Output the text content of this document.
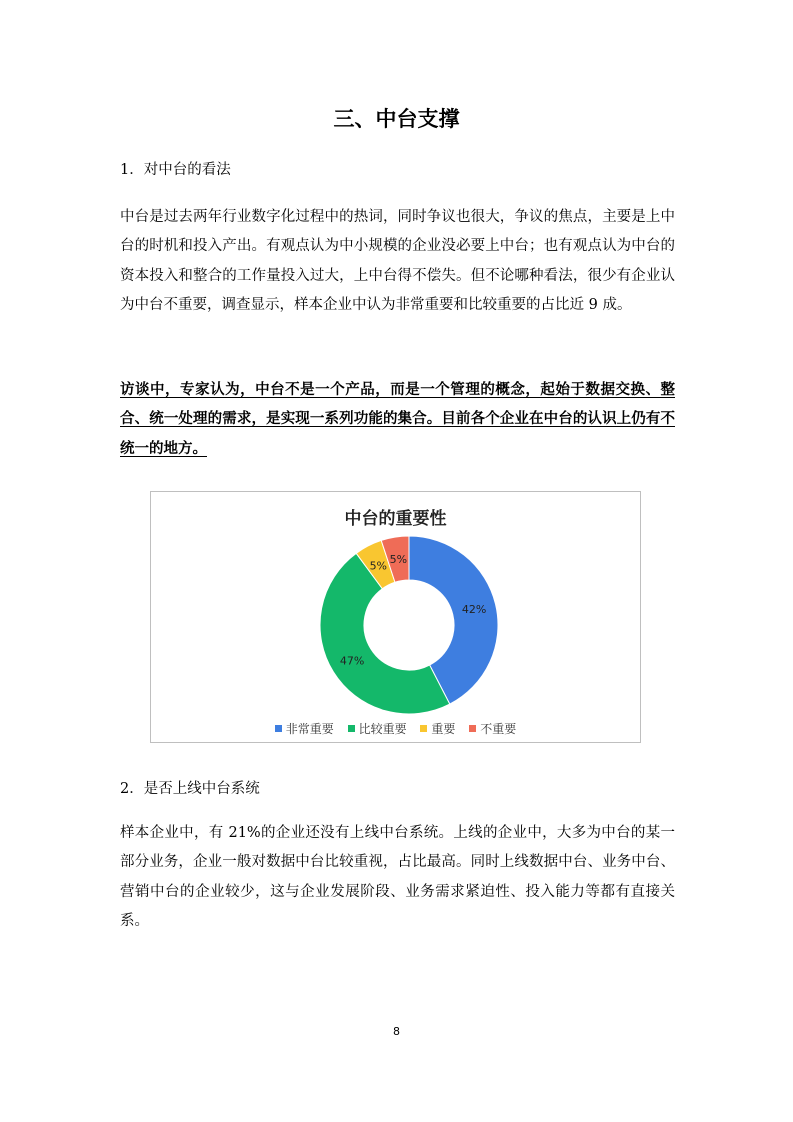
三、中台支撑
1．对中台的看法

中台是过去两年行业数字化过程中的热词，同时争议也很大，争议的焦点，主要是上中台的时机和投入产出。有观点认为中小规模的企业没必要上中台；也有观点认为中台的资本投入和整合的工作量投入过大，上中台得不偿失。但不论哪种看法，很少有企业认为中台不重要，调查显示，样本企业中认为非常重要和比较重要的占比近 9 成。

访谈中，专家认为，中台不是一个产品，而是一个管理的概念，起始于数据交换、整合、统一处理的需求，是实现一系列功能的集合。目前各个企业在中台的认识上仍有不统一的地方。

中台的重要性
42%
47%
5%
5%
非常重要 比较重要 重要 不重要
2．是否上线中台系统

样本企业中，有 21%的企业还没有上线中台系统。上线的企业中，大多为中台的某一部分业务，企业一般对数据中台比较重视，占比最高。同时上线数据中台、业务中台、营销中台的企业较少，这与企业发展阶段、业务需求紧迫性、投入能力等都有直接关系。

8
